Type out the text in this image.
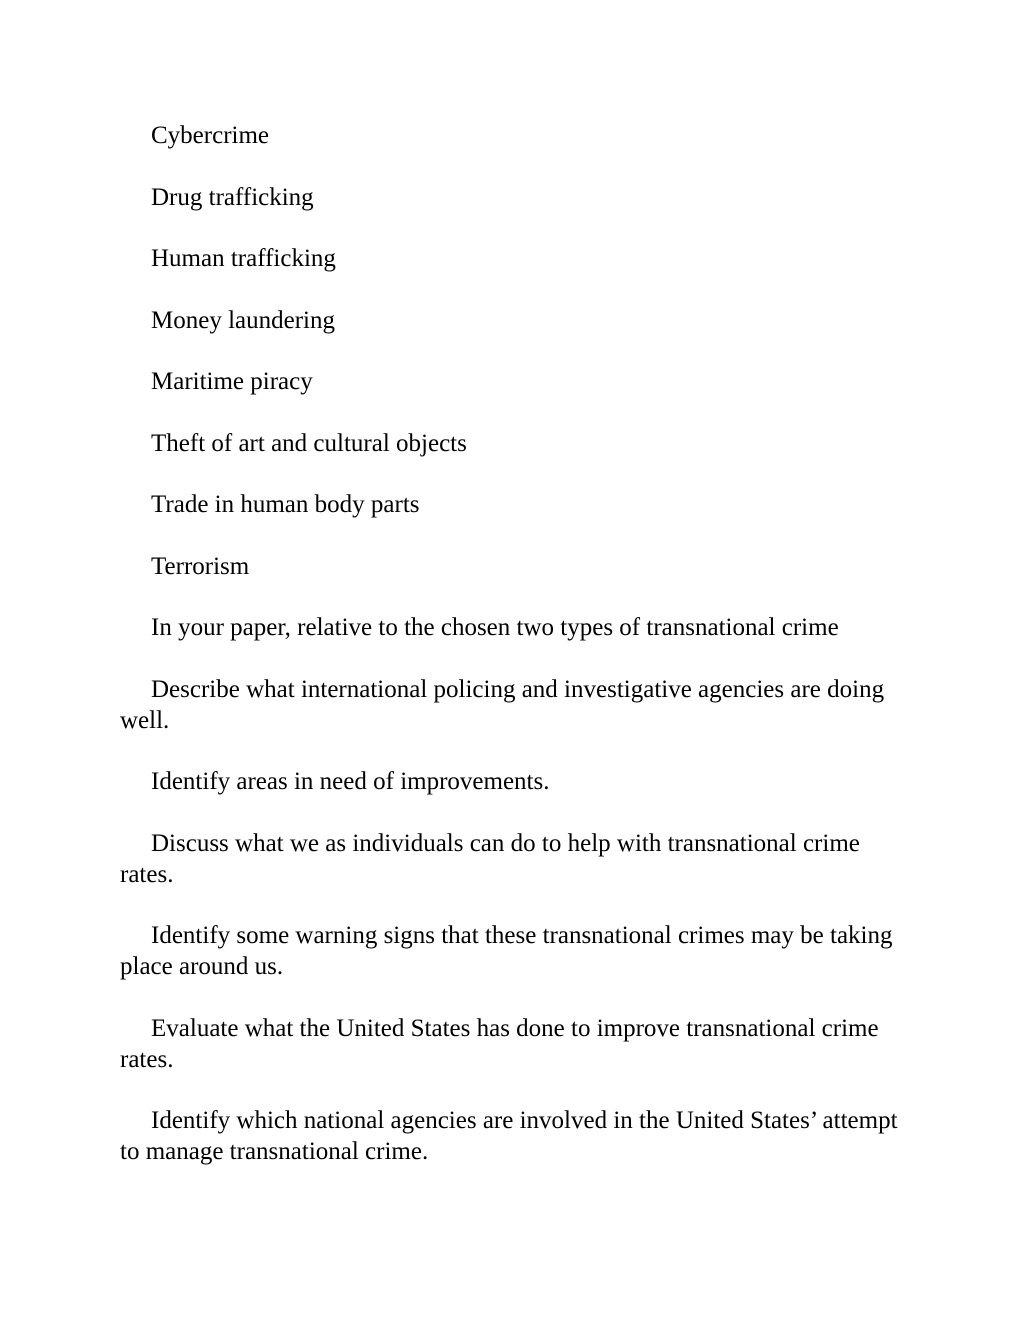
Cybercrime

Drug trafficking

Human trafficking

Money laundering

Maritime piracy

Theft of art and cultural objects

Trade in human body parts

Terrorism

In your paper, relative to the chosen two types of transnational crime

Describe what international policing and investigative agencies are doing well.

Identify areas in need of improvements.

Discuss what we as individuals can do to help with transnational crime rates.

Identify some warning signs that these transnational crimes may be taking place around us.

Evaluate what the United States has done to improve transnational crime rates.

Identify which national agencies are involved in the United States’ attempt to manage transnational crime.
